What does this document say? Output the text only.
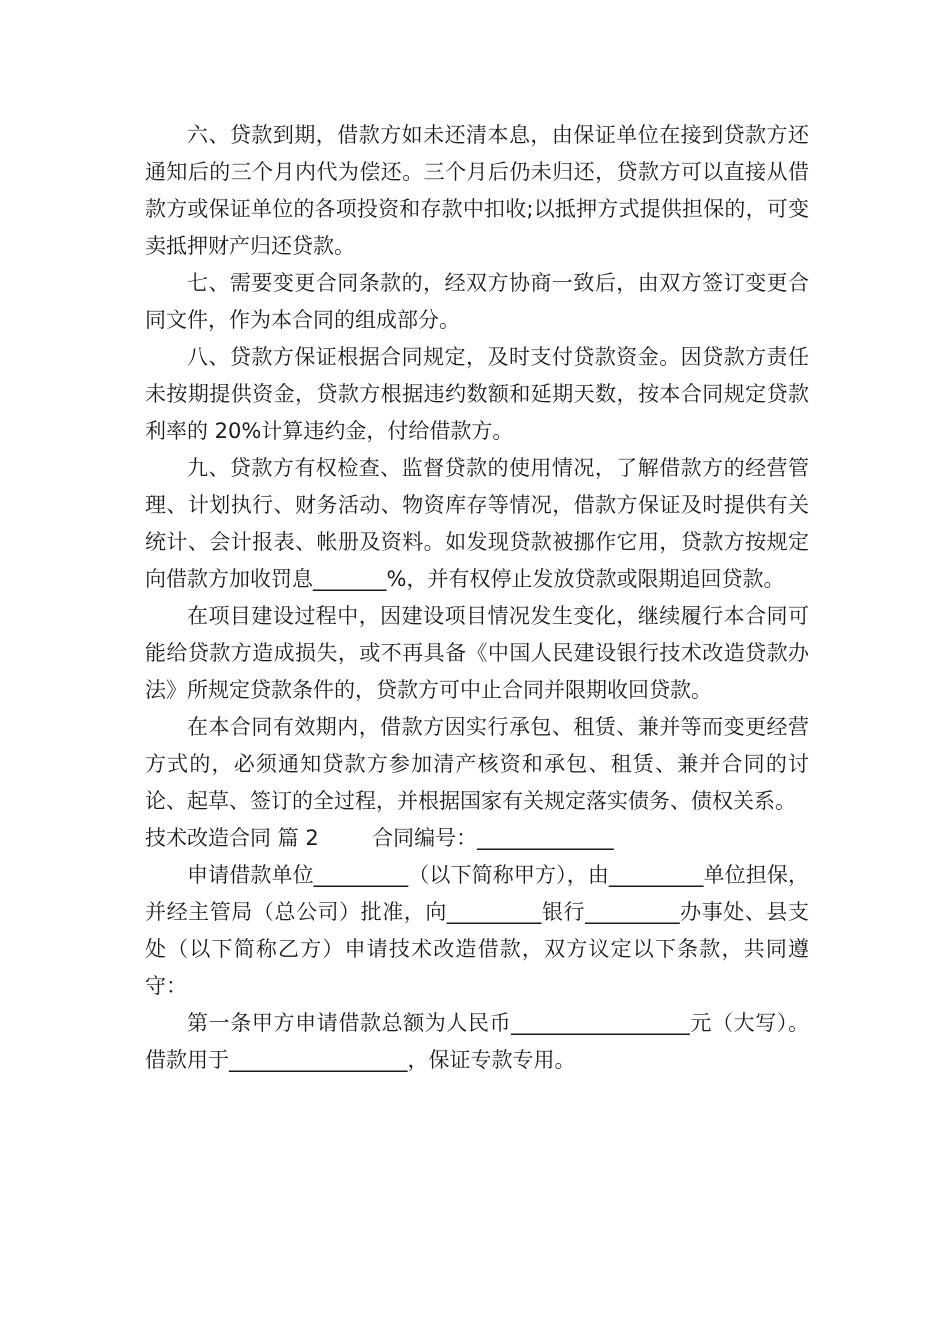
六、贷款到期，借款方如未还清本息，由保证单位在接到贷款方还通知后的三个月内代为偿还。三个月后仍未归还，贷款方可以直接从借款方或保证单位的各项投资和存款中扣收;以抵押方式提供担保的，可变卖抵押财产归还贷款。

七、需要变更合同条款的，经双方协商一致后，由双方签订变更合同文件，作为本合同的组成部分。

八、贷款方保证根据合同规定，及时支付贷款资金。因贷款方责任未按期提供资金，贷款方根据违约数额和延期天数，按本合同规定贷款利率的 20%计算违约金，付给借款方。

九、贷款方有权检查、监督贷款的使用情况，了解借款方的经营管理、计划执行、财务活动、物资库存等情况，借款方保证及时提供有关统计、会计报表、帐册及资料。如发现贷款被挪作它用，贷款方按规定向借款方加收罚息_______%，并有权停止发放贷款或限期追回贷款。

在项目建设过程中，因建设项目情况发生变化，继续履行本合同可能给贷款方造成损失，或不再具备《中国人民建设银行技术改造贷款办法》所规定贷款条件的，贷款方可中止合同并限期收回贷款。

在本合同有效期内，借款方因实行承包、租赁、兼并等而变更经营方式的，必须通知贷款方参加清产核资和承包、租赁、兼并合同的讨论、起草、签订的全过程，并根据国家有关规定落实债务、债权关系。

技术改造合同 篇 2        合同编号：_____________

申请借款单位_________（以下简称甲方），由_________单位担保，并经主管局（总公司）批准，向_________银行_________办事处、县支处（以下简称乙方）申请技术改造借款，双方议定以下条款，共同遵守：

第一条甲方申请借款总额为人民币_________________元（大写）。借款用于_________________，保证专款专用。
